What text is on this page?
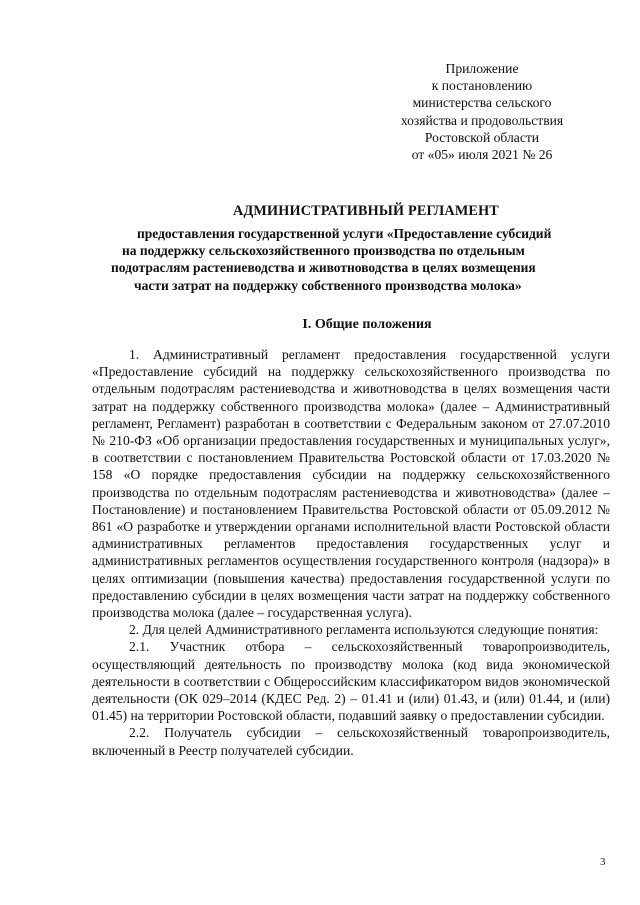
Приложение
к постановлению
министерства сельского
хозяйства и продовольствия
Ростовской области
от «05» июля 2021 № 26
АДМИНИСТРАТИВНЫЙ РЕГЛАМЕНТ
предоставления государственной услуги «Предоставление субсидий
на поддержку сельскохозяйственного производства по отдельным
подотраслям растениеводства и животноводства в целях возмещения
части затрат на поддержку собственного производства молока»
I. Общие положения

1. Административный регламент предоставления государственной услуги «Предоставление субсидий на поддержку сельскохозяйственного производства по отдельным подотраслям растениеводства и животноводства в целях возмещения части затрат на поддержку собственного производства молока» (далее – Административный регламент, Регламент) разработан в соответствии с Федеральным законом от 27.07.2010 № 210-ФЗ «Об организации предоставления государственных и муниципальных услуг», в соответствии с постановлением Правительства Ростовской области от 17.03.2020 № 158 «О порядке предоставления субсидии на поддержку сельскохозяйственного производства по отдельным подотраслям растениеводства и животноводства» (далее – Постановление) и постановлением Правительства Ростовской области от 05.09.2012 № 861 «О разработке и утверждении органами исполнительной власти Ростовской области административных регламентов предоставления государственных услуг и административных регламентов осуществления государственного контроля (надзора)» в целях оптимизации (повышения качества) предоставления государственной услуги по предоставлению субсидии в целях возмещения части затрат на поддержку собственного производства молока (далее – государственная услуга).

2. Для целей Административного регламента используются следующие понятия:

2.1. Участник отбора – сельскохозяйственный товаропроизводитель, осуществляющий деятельность по производству молока (код вида экономической деятельности в соответствии с Общероссийским классификатором видов экономической деятельности (ОК 029–2014 (КДЕС Ред. 2) – 01.41 и (или) 01.43, и (или) 01.44, и (или) 01.45) на территории Ростовской области, подавший заявку о предоставлении субсидии.

2.2. Получатель субсидии – сельскохозяйственный товаропроизводитель, включенный в Реестр получателей субсидии.

3
